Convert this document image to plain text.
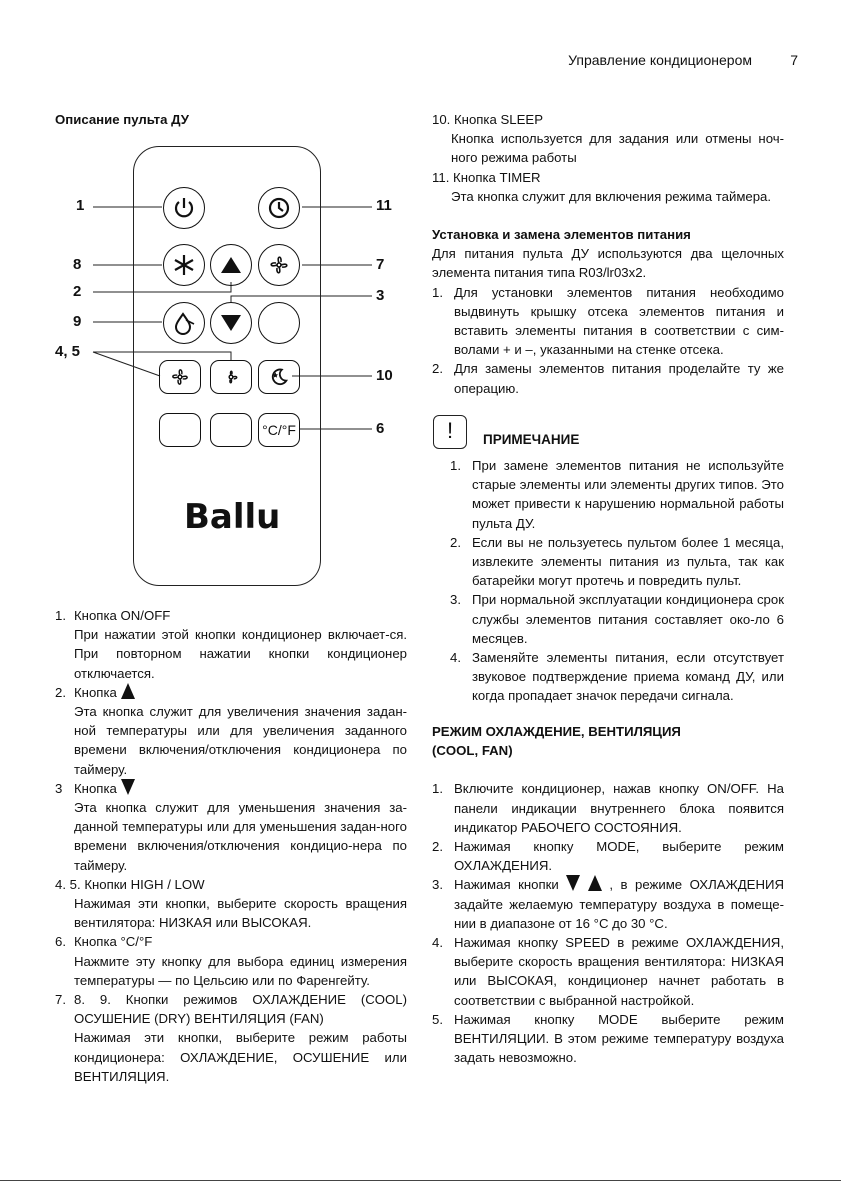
Управление кондиционером	7

Описание пульта ДУ

1
8
2
9
4, 5
11
7
3
10
6
°C/°F
Ballu
1. Кнопка ON/OFF
При нажатии этой кнопки кондиционер включает-ся. При повторном нажатии кнопки кондиционер отключается.
2. Кнопка
Эта кнопка служит для увеличения значения задан-ной температуры или для увеличения заданного времени включения/отключения кондиционера по таймеру.
3 Кнопка
Эта кнопка служит для уменьшения значения за-данной температуры или для уменьшения задан-ного времени включения/отключения кондицио-нера по таймеру.
4. 5. Кнопки HIGH / LOW
Нажимая эти кнопки, выберите скорость вращения вентилятора: НИЗКАЯ или ВЫСОКАЯ.
6. Кнопка °C/°F
Нажмите эту кнопку для выбора единиц измерения температуры — по Цельсию или по Фаренгейту.
7. 8. 9. Кнопки режимов ОХЛАЖДЕНИЕ (COOL) ОСУШЕНИЕ (DRY) ВЕНТИЛЯЦИЯ (FAN)
Нажимая эти кнопки, выберите режим работы кондиционера: ОХЛАЖДЕНИЕ, ОСУШЕНИЕ или ВЕНТИЛЯЦИЯ.
10. Кнопка SLEEP
Кнопка используется для задания или отмены ноч-ного режима работы
11. Кнопка TIMER
Эта кнопка служит для включения режима таймера.

Установка и замена элементов питания

Для питания пульта ДУ используются два щелочных элемента питания типа R03/lr03x2.

1. Для установки элементов питания необходимо выдвинуть крышку отсека элементов питания и вставить элементы питания в соответствии с сим-волами + и –, указанными на стенке отсека.
2. Для замены элементов питания проделайте ту же операцию.
!	ПРИМЕЧАНИЕ
1. При замене элементов питания не используйте старые элементы или элементы других типов. Это может привести к нарушению нормальной работы пульта ДУ.
2. Если вы не пользуетесь пультом более 1 месяца, извлеките элементы питания из пульта, так как батарейки могут протечь и повредить пульт.
3. При нормальной эксплуатации кондиционера срок службы элементов питания составляет око-ло 6 месяцев.
4. Заменяйте элементы питания, если отсутствует звуковое подтверждение приема команд ДУ, или когда пропадает значок передачи сигнала.

РЕЖИМ ОХЛАЖДЕНИЕ, ВЕНТИЛЯЦИЯ

(COOL, FAN)

1. Включите кондиционер, нажав кнопку ON/OFF. На панели индикации внутреннего блока появится индикатор РАБОЧЕГО СОСТОЯНИЯ.
2. Нажимая кнопку MODE, выберите режим ОХЛАЖДЕНИЯ.
3. Нажимая кнопки	, в режиме ОХЛАЖДЕНИЯ задайте желаемую температуру воздуха в помеще-нии в диапазоне от 16 °C до 30 °C.
4. Нажимая кнопку SPEED в режиме ОХЛАЖДЕНИЯ, выберите скорость вращения вентилятора: НИЗКАЯ или ВЫСОКАЯ, кондиционер начнет работать в соответствии с выбранной настройкой.
5. Нажимая кнопку MODE выберите режим ВЕНТИЛЯЦИИ. В этом режиме температуру воздуха задать невозможно.
